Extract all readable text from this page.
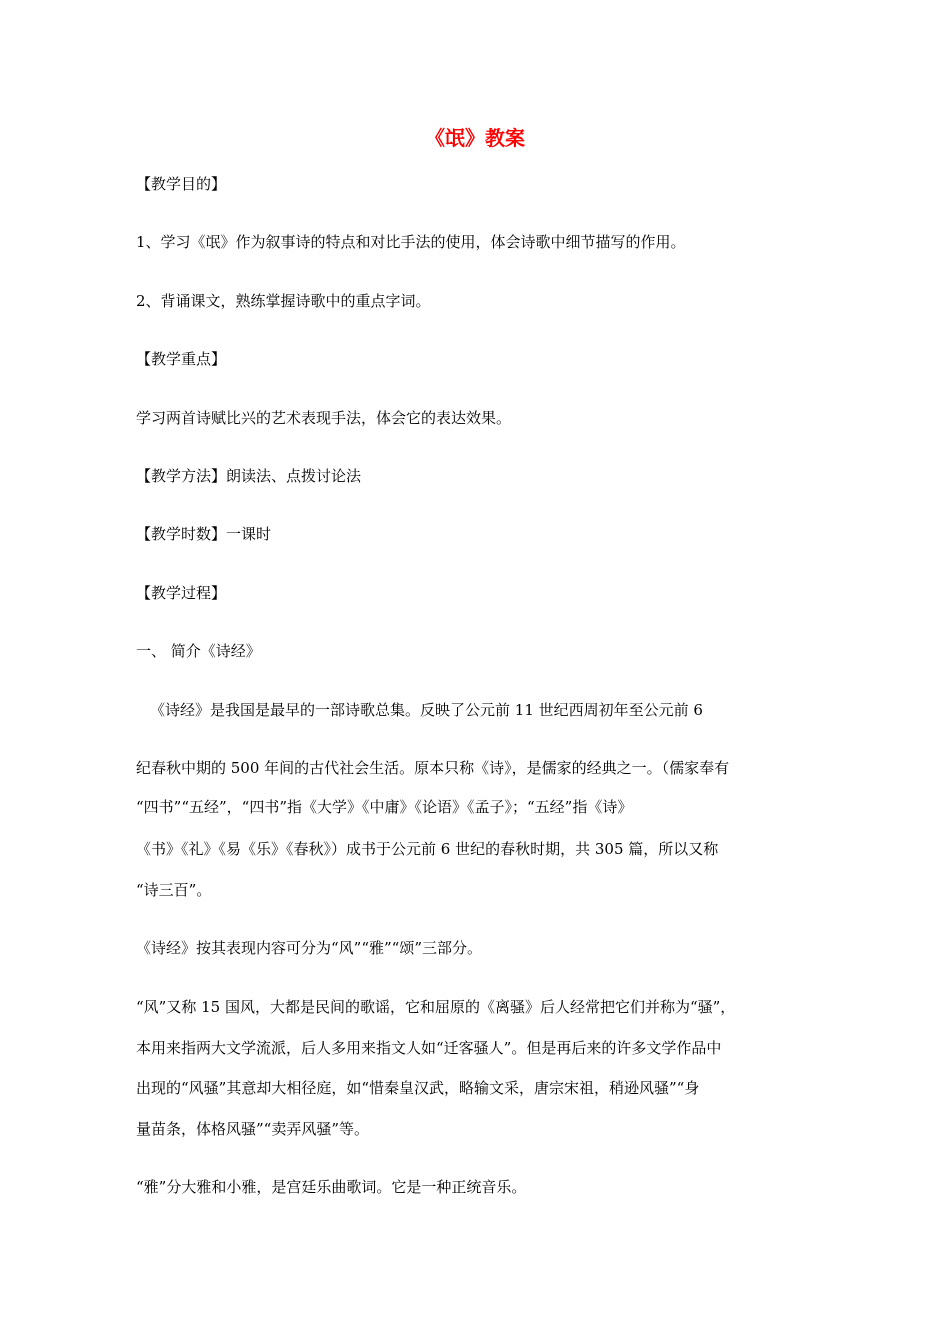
《氓》教案
【教学目的】
1、学习《氓》作为叙事诗的特点和对比手法的使用，体会诗歌中细节描写的作用。
2、背诵课文，熟练掌握诗歌中的重点字词。
【教学重点】
学习两首诗赋比兴的艺术表现手法，体会它的表达效果。
【教学方法】朗读法、点拨讨论法
【教学时数】一课时
【教学过程】
一、 简介《诗经》
《诗经》是我国是最早的一部诗歌总集。反映了公元前 11 世纪西周初年至公元前 6
纪春秋中期的 500 年间的古代社会生活。原本只称《诗》，是儒家的经典之一。（儒家奉有
“四书”“五经”，“四书”指《大学》《中庸》《论语》《孟子》；“五经”指《诗》
《书》《礼》《易《乐》《春秋》）成书于公元前 6 世纪的春秋时期，共 305 篇，所以又称
“诗三百”。
《诗经》按其表现内容可分为“风”“雅”“颂”三部分。
“风”又称 15 国风，大都是民间的歌谣，它和屈原的《离骚》后人经常把它们并称为“骚”，
本用来指两大文学流派，后人多用来指文人如“迁客骚人”。但是再后来的许多文学作品中
出现的“风骚”其意却大相径庭，如“惜秦皇汉武，略输文采，唐宗宋祖，稍逊风骚”“身
量苗条，体格风骚”“卖弄风骚”等。
“雅”分大雅和小雅，是宫廷乐曲歌词。它是一种正统音乐。
